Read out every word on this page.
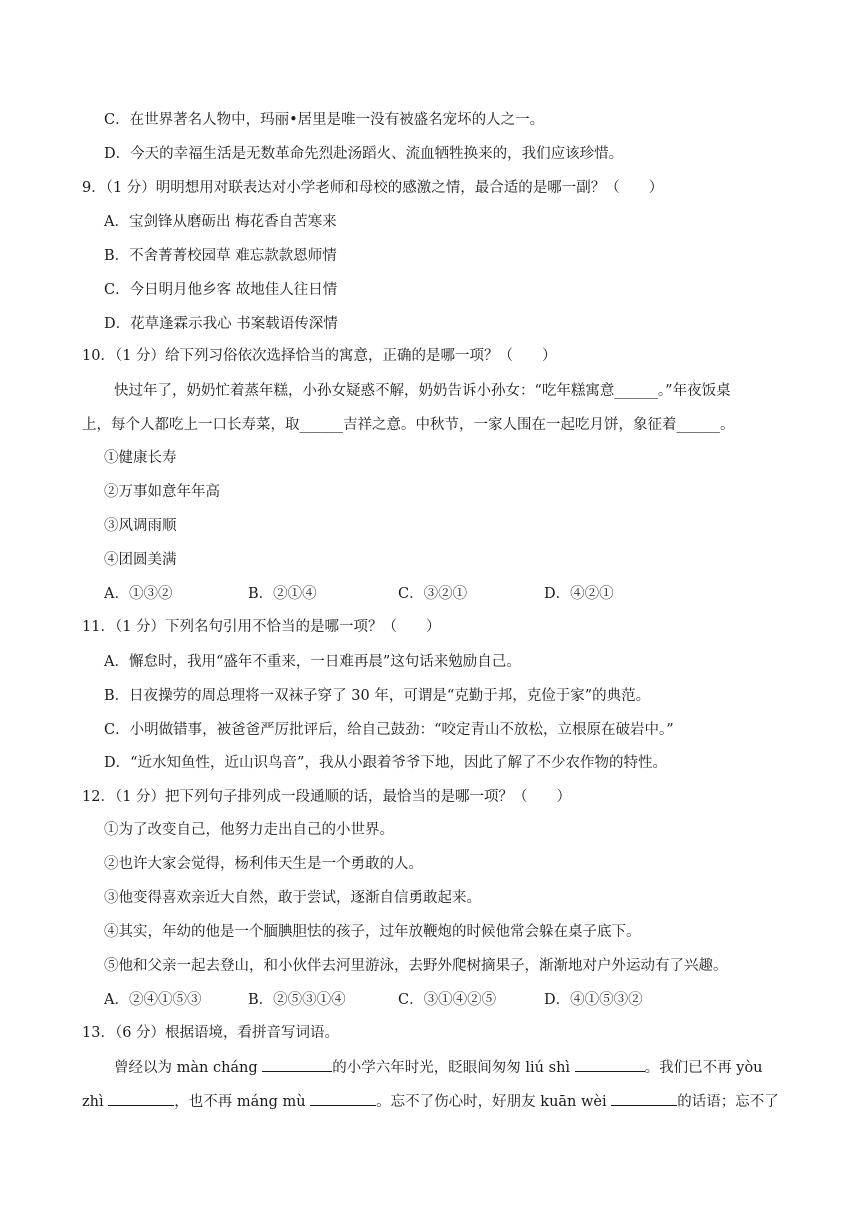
C．在世界著名人物中，玛丽•居里是唯一没有被盛名宠坏的人之一。
D．今天的幸福生活是无数革命先烈赴汤蹈火、流血牺牲换来的，我们应该珍惜。
9．（1 分）明明想用对联表达对小学老师和母校的感激之情，最合适的是哪一副？（　　）
A．宝剑锋从磨砺出 梅花香自苦寒来
B．不舍菁菁校园草 难忘款款恩师情
C．今日明月他乡客 故地佳人往日情
D．花草逢霖示我心 书案载语传深情
10．（1 分）给下列习俗依次选择恰当的寓意，正确的是哪一项？（　　）
快过年了，奶奶忙着蒸年糕，小孙女疑惑不解，奶奶告诉小孙女：“吃年糕寓意______。”年夜饭桌
上，每个人都吃上一口长寿菜，取______吉祥之意。中秋节，一家人围在一起吃月饼，象征着______。
①健康长寿
②万事如意年年高
③风调雨顺
④团圆美满
A．①③②	B．②①④	C．③②①	D．④②①
11．（1 分）下列名句引用不恰当的是哪一项？（　　）
A．懈怠时，我用“盛年不重来，一日难再晨”这句话来勉励自己。
B．日夜操劳的周总理将一双袜子穿了 30 年，可谓是“克勤于邦，克俭于家”的典范。
C．小明做错事，被爸爸严厉批评后，给自己鼓劲：“咬定青山不放松，立根原在破岩中。”
D．“近水知鱼性，近山识鸟音”，我从小跟着爷爷下地，因此了解了不少农作物的特性。
12．（1 分）把下列句子排列成一段通顺的话，最恰当的是哪一项？（　　）
①为了改变自己，他努力走出自己的小世界。
②也许大家会觉得，杨利伟天生是一个勇敢的人。
③他变得喜欢亲近大自然，敢于尝试，逐渐自信勇敢起来。
④其实，年幼的他是一个腼腆胆怯的孩子，过年放鞭炮的时候他常会躲在桌子底下。
⑤他和父亲一起去登山，和小伙伴去河里游泳，去野外爬树摘果子，渐渐地对户外运动有了兴趣。
A．②④①⑤③	B．②⑤③①④	C．③①④②⑤	D．④①⑤③②
13．（6 分）根据语境，看拼音写词语。
曾经以为 màn cháng	的小学六年时光，眨眼间匆匆 liú shì	。我们已不再 yòu
zhì	，也不再 máng mù	。忘不了伤心时，好朋友 kuān wèi	的话语；忘不了
